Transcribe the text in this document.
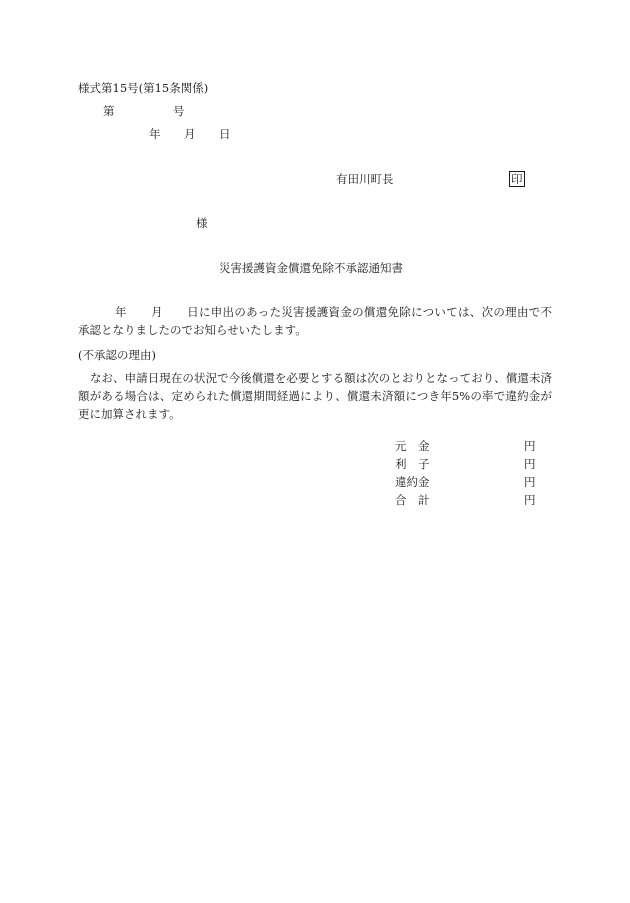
様式第15号(第15条関係)
第	号
年 月 日
有田川町長	印
様
災害援護資金償還免除不承認通知書
年 月 日に申出のあった災害援護資金の償還免除については、次の理由で不承認となりましたのでお知らせいたします。
(不承認の理由)
なお、申請日現在の状況で今後償還を必要とする額は次のとおりとなっており、償還未済額がある場合は、定められた償還期間経過により、償還未済額につき年5%の率で違約金が更に加算されます。
元　金	円
利　子	円
違約金	円
合　計	円
